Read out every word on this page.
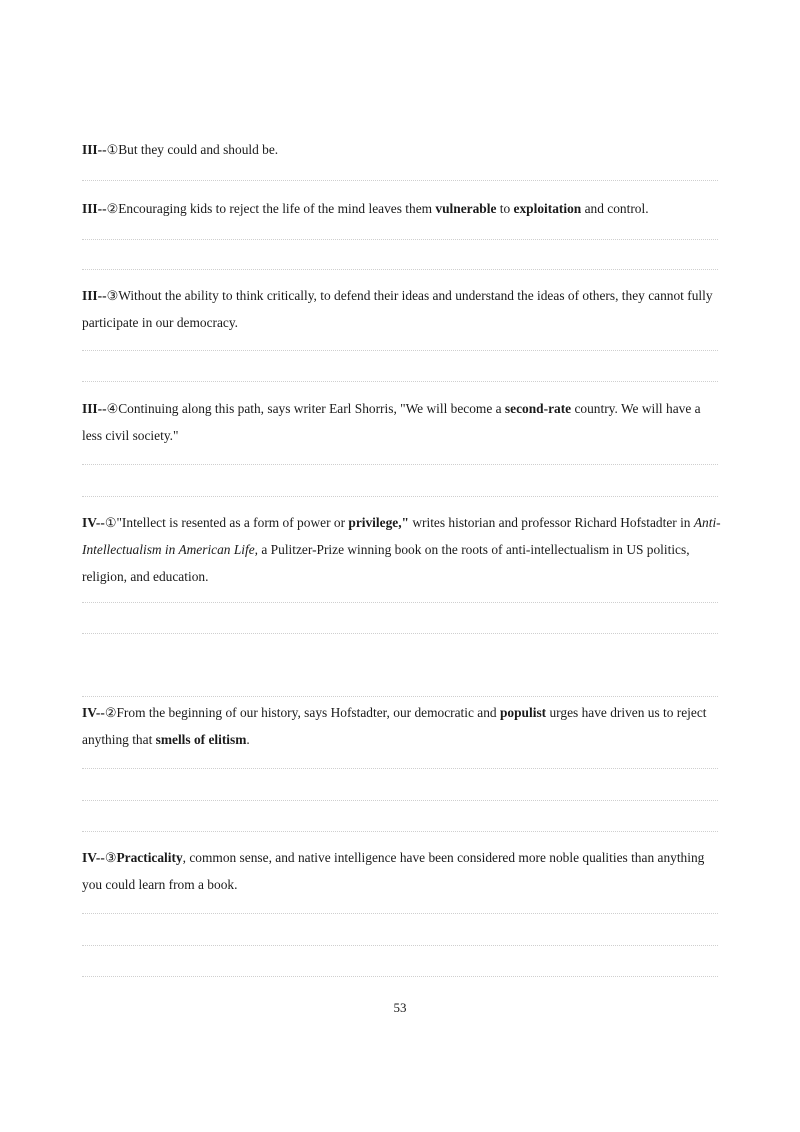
III--①But they could and should be.

III--②Encouraging kids to reject the life of the mind leaves them vulnerable to exploitation and control.

III--③Without the ability to think critically, to defend their ideas and understand the ideas of others, they cannot fully participate in our democracy.

III--④Continuing along this path, says writer Earl Shorris, "We will become a second-rate country. We will have a less civil society."

IV--①"Intellect is resented as a form of power or privilege," writes historian and professor Richard Hofstadter in Anti-Intellectualism in American Life, a Pulitzer-Prize winning book on the roots of anti-intellectualism in US politics, religion, and education.

IV--②From the beginning of our history, says Hofstadter, our democratic and populist urges have driven us to reject anything that smells of elitism.

IV--③Practicality, common sense, and native intelligence have been considered more noble qualities than anything you could learn from a book.

53
